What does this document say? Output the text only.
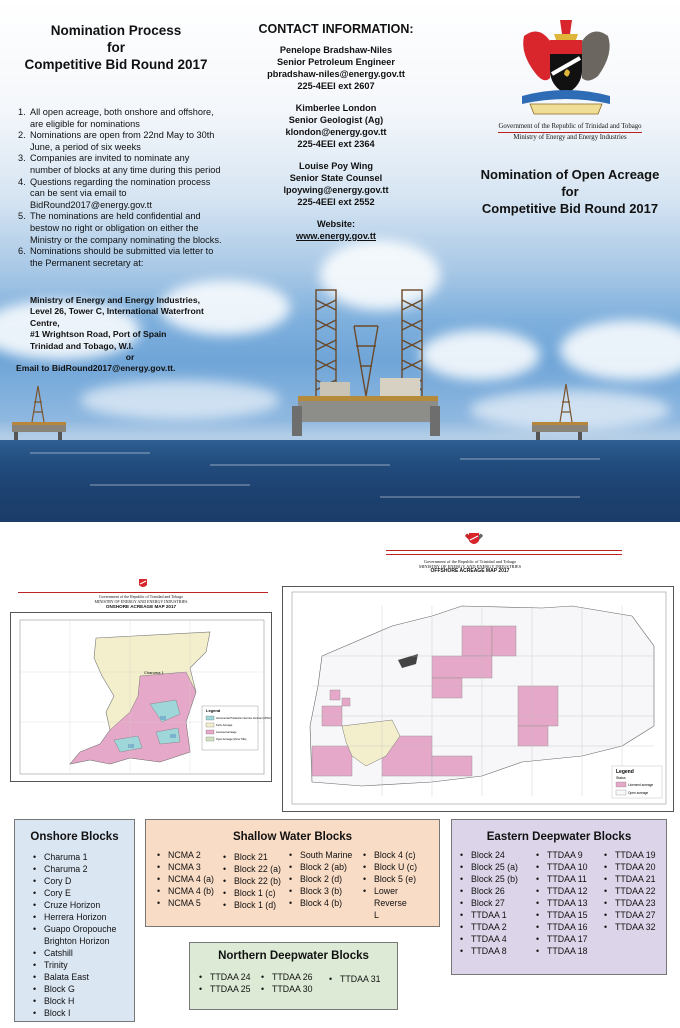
Nomination Process
for
Competitive Bid Round 2017
1. All open acreage, both onshore and offshore, are eligible for nominations
2. Nominations are open from 22nd May to 30th June, a period of six weeks
3. Companies are invited to nominate any number of blocks at any time during this period
4. Questions regarding the nomination process can be sent via email to BidRound2017@energy.gov.tt
5. The nominations are held confidential and bestow no right or obligation on either the Ministry or the company nominating the blocks.
6. Nominations should be submitted via letter to the Permanent secretary at:
Ministry of Energy and Energy Industries,
Level 26, Tower C, International Waterfront Centre,
#1 Wrightson Road, Port of Spain
Trinidad and Tobago, W.I.
or
Email to BidRound2017@energy.gov.tt.
CONTACT INFORMATION:
Penelope Bradshaw-Niles
Senior Petroleum Engineer
pbradshaw-niles@energy.gov.tt
225-4EEI ext 2607
Kimberlee London
Senior Geologist (Ag)
klondon@energy.gov.tt
225-4EEI ext 2364
Louise Poy Wing
Senior State Counsel
lpoywing@energy.gov.tt
225-4EEI ext 2552
Website:
www.energy.gov.tt
Government of the Republic of Trinidad and Tobago
Ministry of Energy and Energy Industries
Nomination of Open Acreage
for
Competitive Bid Round 2017
Government of the Republic of Trinidad and Tobago
MINISTRY OF ENERGY AND ENERGY INDUSTRIES
ONSHORE ACREAGE MAP 2017
Charuma 1
Legend
Incremental Production Service Contract (IPSC)
Farm Acreage
Licensed acreage
Open Acreage (Zone Title)
Government of the Republic of Trinidad and Tobago
MINISTRY OF ENERGY AND ENERGY INDUSTRIES
OFFSHORE ACREAGE MAP 2017
Legend
Status
Licensed acreage
Open acreage
Onshore Blocks
• Charuma 1
• Charuma 2
• Cory D
• Cory E
• Cruze Horizon
• Herrera Horizon
• Guapo Oropouche Brighton Horizon
• Catshill
• Trinity
• Balata East
• Block G
• Block H
• Block I
Shallow Water Blocks
• NCMA 2
• NCMA 3
• NCMA 4 (a)
• NCMA 4 (b)
• NCMA 5
• Block 21
• Block 22 (a)
• Block 22 (b)
• Block 1 (c)
• Block 1 (d)
• South Marine
• Block 2 (ab)
• Block 2 (d)
• Block 3 (b)
• Block 4 (b)
• Block 4 (c)
• Block U (c)
• Block 5 (e)
• Lower Reverse L
Eastern Deepwater Blocks
• Block 24
• Block 25 (a)
• Block 25 (b)
• Block 26
• Block 27
• TTDAA 1
• TTDAA 2
• TTDAA 4
• TTDAA 8
• TTDAA 9
• TTDAA 10
• TTDAA 11
• TTDAA 12
• TTDAA 13
• TTDAA 15
• TTDAA 16
• TTDAA 17
• TTDAA 18
• TTDAA 19
• TTDAA 20
• TTDAA 21
• TTDAA 22
• TTDAA 23
• TTDAA 27
• TTDAA 32
Northern Deepwater Blocks
• TTDAA 24
• TTDAA 25
• TTDAA 26
• TTDAA 30
• TTDAA 31
